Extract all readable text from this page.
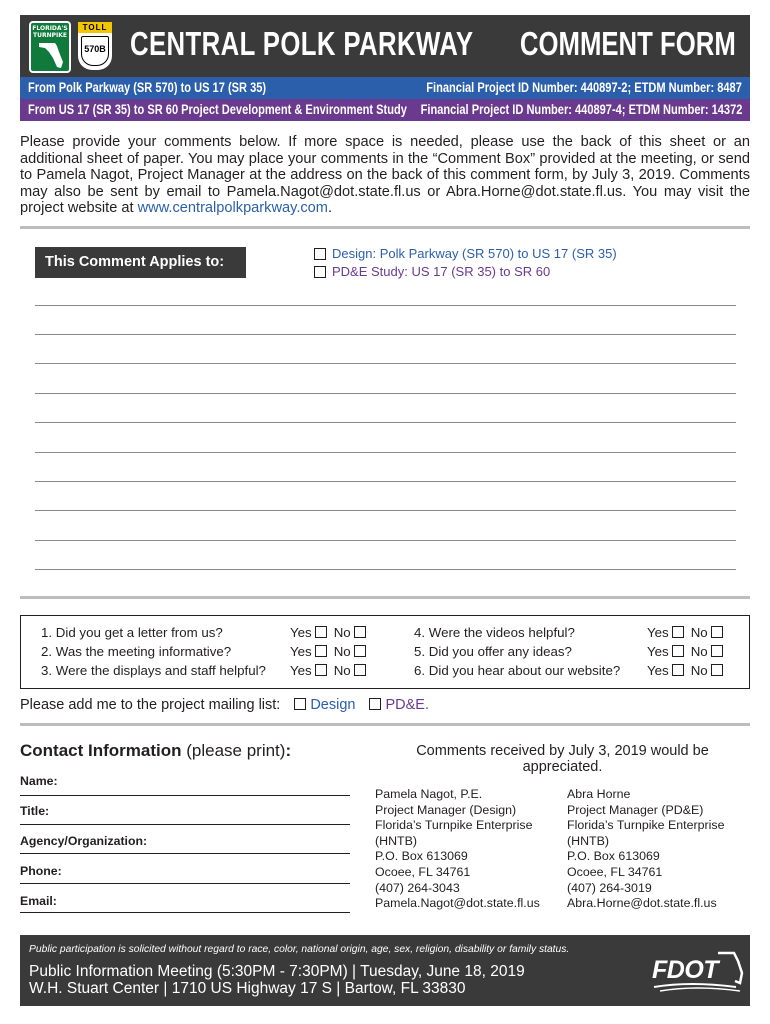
FLORIDA'S TURNPIKE
TOLL
570B CENTRAL POLK PARKWAY COMMENT FORM
From Polk Parkway (SR 570) to US 17 (SR 35)	Financial Project ID Number: 440897-2; ETDM Number: 8487
From US 17 (SR 35) to SR 60 Project Development & Environment Study Financial Project ID Number: 440897-4; ETDM Number: 14372
Please provide your comments below. If more space is needed, please use the back of this sheet or an additional sheet of paper. You may place your comments in the “Comment Box” provided at the meeting, or send to Pamela Nagot, Project Manager at the address on the back of this comment form, by July 3, 2019. Comments may also be sent by email to Pamela.Nagot@dot.state.fl.us or Abra.Horne@dot.state.fl.us. You may visit the project website at www.centralpolkparkway.com.
This Comment Applies to:
Design: Polk Parkway (SR 570) to US 17 (SR 35)
PD&E Study: US 17 (SR 35) to SR 60
1. Did you get a letter from us?	Yes No
2. Was the meeting informative?	Yes No
3. Were the displays and staff helpful? Yes No
4. Were the videos helpful?	Yes No
5. Did you offer any ideas?	Yes No
6. Did you hear about our website? Yes No
Please add me to the project mailing list: Design PD&E.
Contact Information (please print):
Name:
Title:
Agency/Organization:
Phone:
Email:
Comments received by July 3, 2019 would be appreciated.
Pamela Nagot, P.E.
Project Manager (Design)
Florida’s Turnpike Enterprise
(HNTB)
P.O. Box 613069
Ocoee, FL 34761
(407) 264-3043
Pamela.Nagot@dot.state.fl.us
Abra Horne
Project Manager (PD&E)
Florida’s Turnpike Enterprise
(HNTB)
P.O. Box 613069
Ocoee, FL 34761
(407) 264-3019
Abra.Horne@dot.state.fl.us
Public participation is solicited without regard to race, color, national origin, age, sex, religion, disability or family status.
Public Information Meeting (5:30PM - 7:30PM) | Tuesday, June 18, 2019
W.H. Stuart Center | 1710 US Highway 17 S | Bartow, FL 33830
FDOT
